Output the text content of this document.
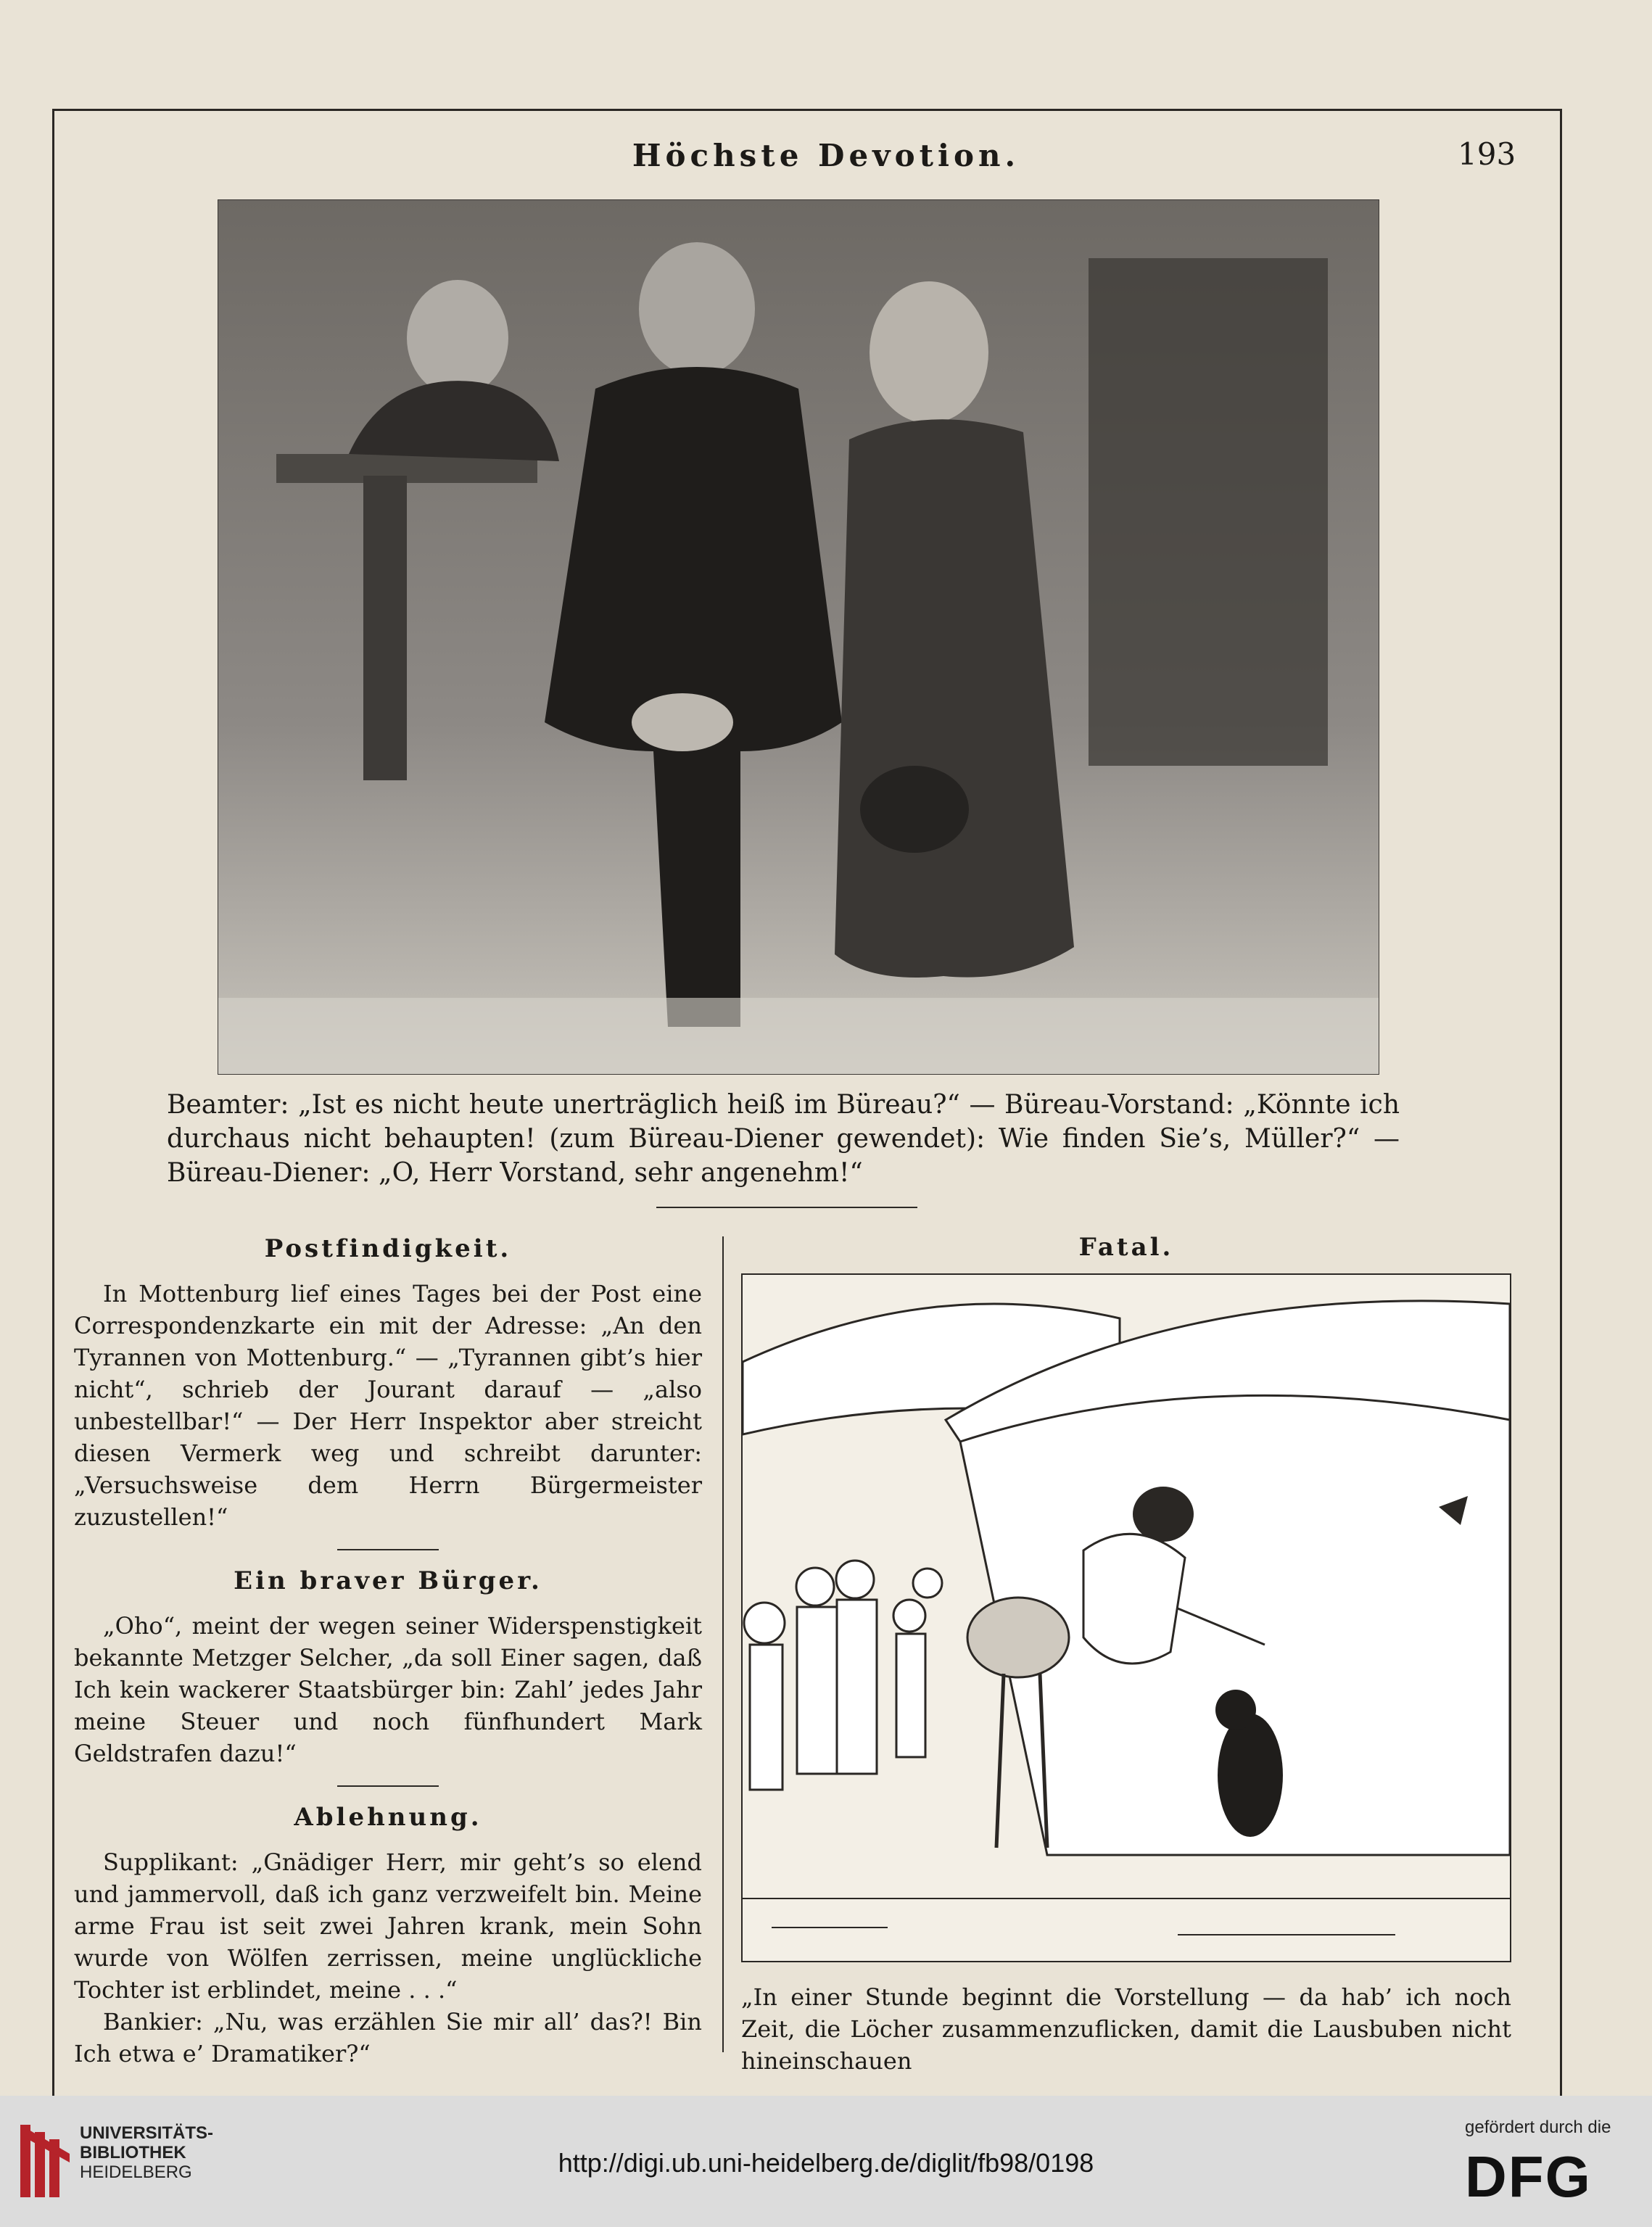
Höchste Devotion.	193
Beamter: „Ist es nicht heute unerträglich heiß im Büreau?“ — Büreau-Vorstand: „Könnte ich durchaus nicht behaupten! (zum Büreau-Diener gewendet): Wie finden Sie’s, Müller?“ — Büreau-Diener: „O, Herr Vorstand, sehr angenehm!“
Postfindigkeit.

In Mottenburg lief eines Tages bei der Post eine Correspondenzkarte ein mit der Adresse: „An den Tyrannen von Mottenburg.“ — „Tyrannen gibt’s hier nicht“, schrieb der Jourant darauf — „also unbestellbar!“ — Der Herr Inspektor aber streicht diesen Vermerk weg und schreibt darunter: „Versuchsweise dem Herrn Bürgermeister zuzustellen!“

Ein braver Bürger.

„Oho“, meint der wegen seiner Widerspenstigkeit bekannte Metzger Selcher, „da soll Einer sagen, daß Ich kein wackerer Staatsbürger bin: Zahl’ jedes Jahr meine Steuer und noch fünfhundert Mark Geldstrafen dazu!“

Ablehnung.

Supplikant: „Gnädiger Herr, mir geht’s so elend und jammervoll, daß ich ganz verzweifelt bin. Meine arme Frau ist seit zwei Jahren krank, mein Sohn wurde von Wölfen zerrissen, meine unglückliche Tochter ist erblindet, meine . . .“

Bankier: „Nu, was erzählen Sie mir all’ das?! Bin Ich etwa e’ Dramatiker?“

Fatal.
„In einer Stunde beginnt die Vorstellung — da hab’ ich noch Zeit, die Löcher zusammenzuflicken, damit die Lausbuben nicht hineinschauen
UNIVERSITÄTS-
BIBLIOTHEK
HEIDELBERG	http://digi.ub.uni-heidelberg.de/diglit/fb98/0198
gefördert durch die
DFG
